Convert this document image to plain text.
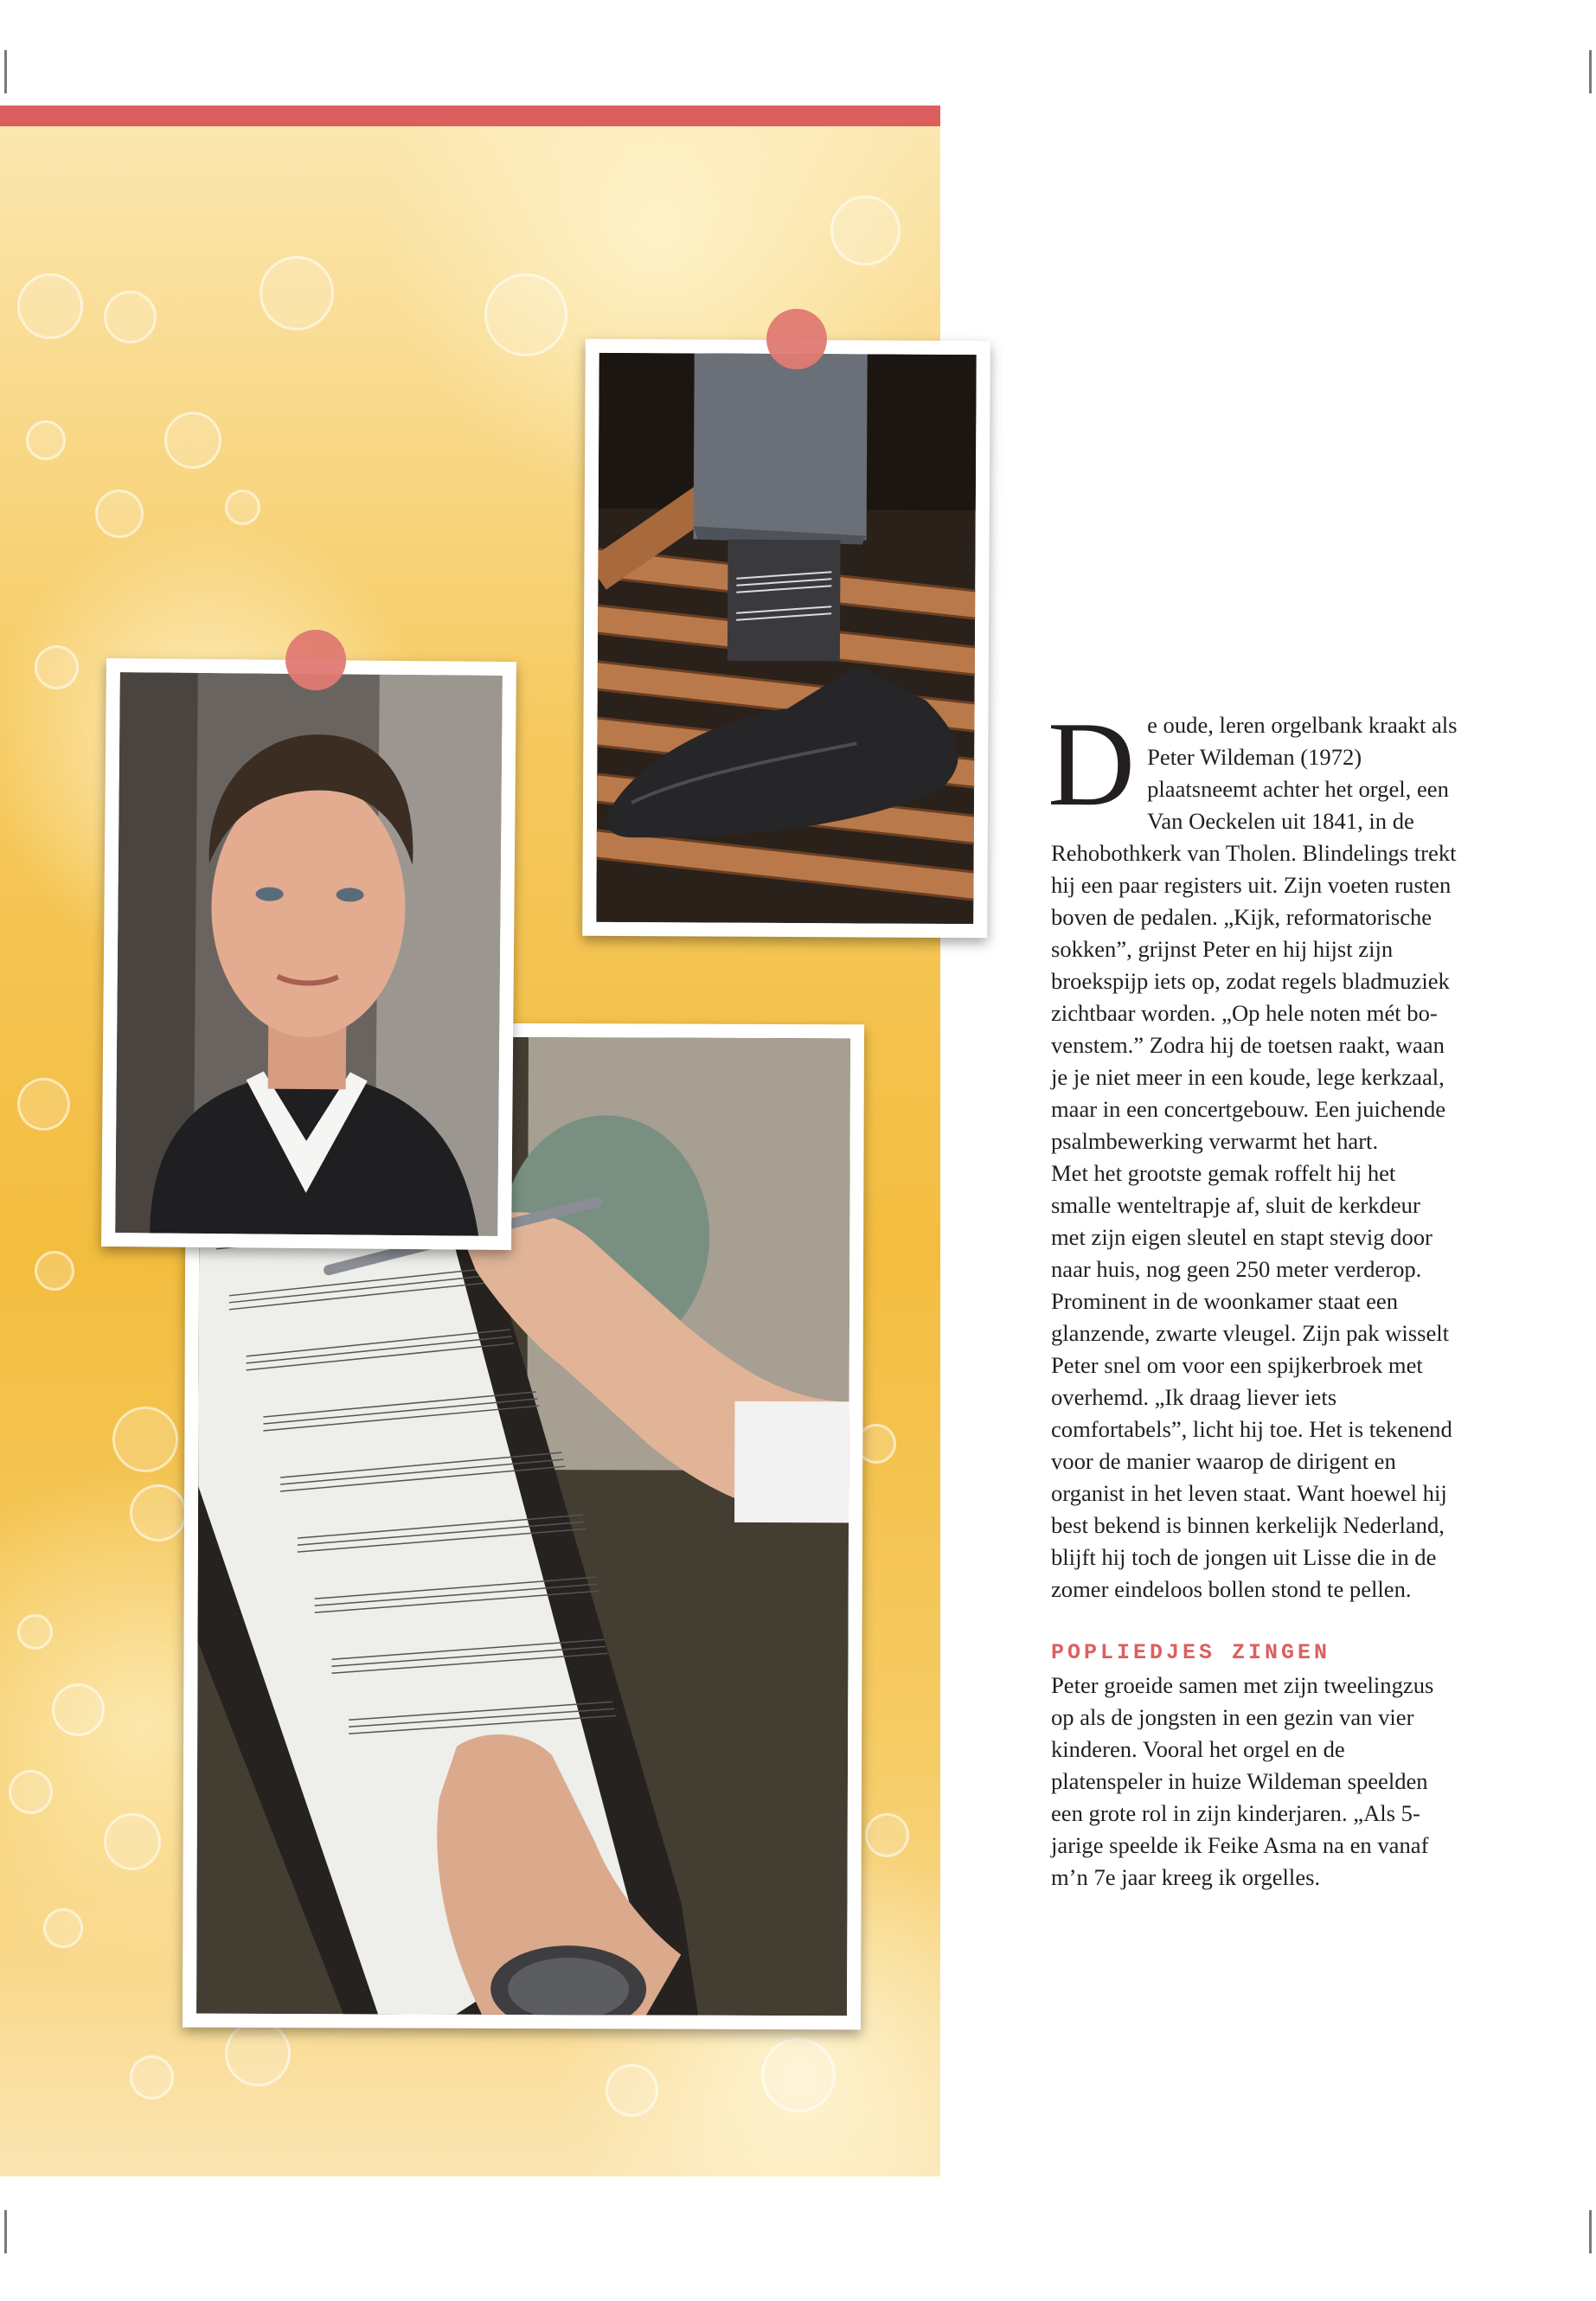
De oude, leren orgelbank kraakt als Peter Wildeman (1972) plaatsneemt achter het orgel, een Van Oeckelen uit 1841, in de Rehobothkerk van Tholen. Blindelings trekt hij een paar registers uit. Zijn voeten rusten boven de pedalen. „Kijk, reformatorische sokken”, grijnst Peter en hij hijst zijn broekspijp iets op, zodat regels bladmuziek zichtbaar worden. „Op hele noten mét bovenstem.” Zodra hij de toetsen raakt, waan je je niet meer in een koude, lege kerkzaal, maar in een concertgebouw. Een juichende psalmbewerking verwarmt het hart.

Met het grootste gemak roffelt hij het smalle wenteltrapje af, sluit de kerkdeur met zijn eigen sleutel en stapt stevig door naar huis, nog geen 250 meter verderop. Prominent in de woonkamer staat een glanzende, zwarte vleugel. Zijn pak wisselt Peter snel om voor een spijkerbroek met overhemd. „Ik draag liever iets comfortabels”, licht hij toe. Het is tekenend voor de manier waarop de dirigent en organist in het leven staat. Want hoewel hij best bekend is binnen kerkelijk Nederland, blijft hij toch de jongen uit Lisse die in de zomer eindeloos bollen stond te pellen.

POPLIEDJES ZINGEN

Peter groeide samen met zijn tweelingzus op als de jongsten in een gezin van vier kinderen. Vooral het orgel en de platenspeler in huize Wildeman speelden een grote rol in zijn kinderjaren. „Als 5-jarige speelde ik Feike Asma na en vanaf m’n 7e jaar kreeg ik orgelles.
